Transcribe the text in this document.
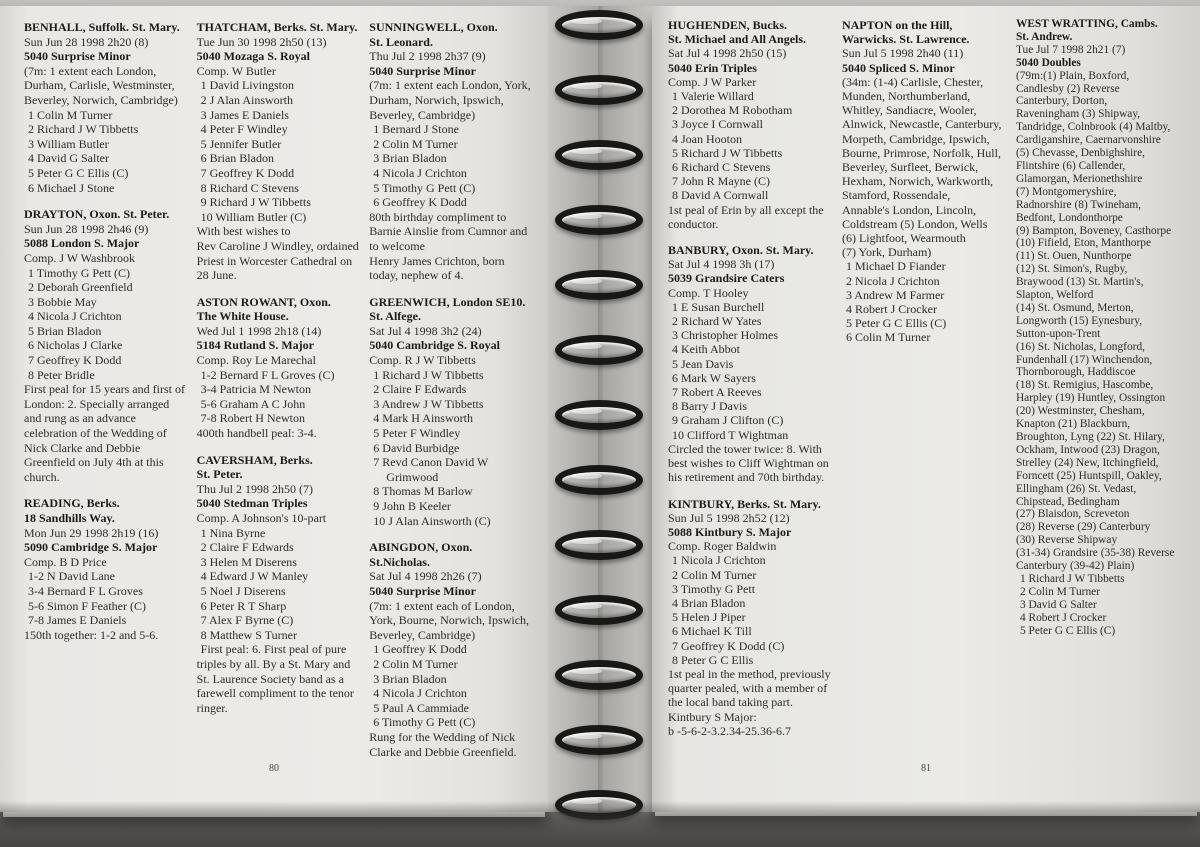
BENHALL, Suffolk. St. Mary.
Sun Jun 28 1998 2h20 (8)
5040 Surprise Minor
(7m: 1 extent each London,
Durham, Carlisle, Westminster,
Beverley, Norwich, Cambridge)
1 Colin M Turner
2 Richard J W Tibbetts
3 William Butler
4 David G Salter
5 Peter G C Ellis (C)
6 Michael J Stone
DRAYTON, Oxon. St. Peter.
Sun Jun 28 1998 2h46 (9)
5088 London S. Major
Comp. J W Washbrook
1 Timothy G Pett (C)
2 Deborah Greenfield
3 Bobbie May
4 Nicola J Crichton
5 Brian Bladon
6 Nicholas J Clarke
7 Geoffrey K Dodd
8 Peter Bridle
First peal for 15 years and first of
London: 2. Specially arranged
and rung as an advance
celebration of the Wedding of
Nick Clarke and Debbie
Greenfield on July 4th at this
church.
READING, Berks.
18 Sandhills Way.
Mon Jun 29 1998 2h19 (16)
5090 Cambridge S. Major
Comp. B D Price
1-2 N David Lane
3-4 Bernard F L Groves
5-6 Simon F Feather (C)
7-8 James E Daniels
150th together: 1-2 and 5-6.
THATCHAM, Berks. St. Mary.
Tue Jun 30 1998 2h50 (13)
5040 Mozaga S. Royal
Comp. W Butler
1 David Livingston
2 J Alan Ainsworth
3 James E Daniels
4 Peter F Windley
5 Jennifer Butler
6 Brian Bladon
7 Geoffrey K Dodd
8 Richard C Stevens
9 Richard J W Tibbetts
10 William Butler (C)
With best wishes to
Rev Caroline J Windley, ordained
Priest in Worcester Cathedral on
28 June.
ASTON ROWANT, Oxon.
The White House.
Wed Jul 1 1998 2h18 (14)
5184 Rutland S. Major
Comp. Roy Le Marechal
1-2 Bernard F L Groves (C)
3-4 Patricia M Newton
5-6 Graham A C John
7-8 Robert H Newton
400th handbell peal: 3-4.
CAVERSHAM, Berks.
St. Peter.
Thu Jul 2 1998 2h50 (7)
5040 Stedman Triples
Comp. A Johnson's 10-part
1 Nina Byrne
2 Claire F Edwards
3 Helen M Diserens
4 Edward J W Manley
5 Noel J Diserens
6 Peter R T Sharp
7 Alex F Byrne (C)
8 Matthew S Turner
First peal: 6. First peal of pure
triples by all. By a St. Mary and
St. Laurence Society band as a
farewell compliment to the tenor
ringer.
SUNNINGWELL, Oxon.
St. Leonard.
Thu Jul 2 1998 2h37 (9)
5040 Surprise Minor
(7m: 1 extent each London, York,
Durham, Norwich, Ipswich,
Beverley, Cambridge)
1 Bernard J Stone
2 Colin M Turner
3 Brian Bladon
4 Nicola J Crichton
5 Timothy G Pett (C)
6 Geoffrey K Dodd
80th birthday compliment to
Barnie Ainslie from Cumnor and
to welcome
Henry James Crichton, born
today, nephew of 4.
GREENWICH, London SE10.
St. Alfege.
Sat Jul 4 1998 3h2 (24)
5040 Cambridge S. Royal
Comp. R J W Tibbetts
1 Richard J W Tibbetts
2 Claire F Edwards
3 Andrew J W Tibbetts
4 Mark H Ainsworth
5 Peter F Windley
6 David Burbidge
7 Revd Canon David W
Grimwood
8 Thomas M Barlow
9 John B Keeler
10 J Alan Ainsworth (C)
ABINGDON, Oxon. St.Nicholas.
Sat Jul 4 1998 2h26 (7)
5040 Surprise Minor
(7m: 1 extent each of London,
York, Bourne, Norwich, Ipswich,
Beverley, Cambridge)
1 Geoffrey K Dodd
2 Colin M Turner
3 Brian Bladon
4 Nicola J Crichton
5 Paul A Cammiade
6 Timothy G Pett (C)
Rung for the Wedding of Nick
Clarke and Debbie Greenfield.
80
HUGHENDEN, Bucks.
St. Michael and All Angels.
Sat Jul 4 1998 2h50 (15)
5040 Erin Triples
Comp. J W Parker
1 Valerie Willard
2 Dorothea M Robotham
3 Joyce I Cornwall
4 Joan Hooton
5 Richard J W Tibbetts
6 Richard C Stevens
7 John R Mayne (C)
8 David A Cornwall
1st peal of Erin by all except the
conductor.
BANBURY, Oxon. St. Mary.
Sat Jul 4 1998 3h (17)
5039 Grandsire Caters
Comp. T Hooley
1 E Susan Burchell
2 Richard W Yates
3 Christopher Holmes
4 Keith Abbot
5 Jean Davis
6 Mark W Sayers
7 Robert A Reeves
8 Barry J Davis
9 Graham J Clifton (C)
10 Clifford T Wightman
Circled the tower twice: 8. With
best wishes to Cliff Wightman on
his retirement and 70th birthday.
KINTBURY, Berks. St. Mary.
Sun Jul 5 1998 2h52 (12)
5088 Kintbury S. Major
Comp. Roger Baldwin
1 Nicola J Crichton
2 Colin M Turner
3 Timothy G Pett
4 Brian Bladon
5 Helen J Piper
6 Michael K Till
7 Geoffrey K Dodd (C)
8 Peter G C Ellis
1st peal in the method, previously
quarter pealed, with a member of
the local band taking part.
Kintbury S Major:
b -5-6-2-3.2.34-25.36-6.7
NAPTON on the Hill,
Warwicks. St. Lawrence.
Sun Jul 5 1998 2h40 (11)
5040 Spliced S. Minor
(34m: (1-4) Carlisle, Chester,
Munden, Northumberland,
Whitley, Sandiacre, Wooler,
Alnwick, Newcastle, Canterbury,
Morpeth, Cambridge, Ipswich,
Bourne, Primrose, Norfolk, Hull,
Beverley, Surfleet, Berwick,
Hexham, Norwich, Warkworth,
Stamford, Rossendale,
Annable's London, Lincoln,
Coldstream (5) London, Wells
(6) Lightfoot, Wearmouth
(7) York, Durham)
1 Michael D Fiander
2 Nicola J Crichton
3 Andrew M Farmer
4 Robert J Crocker
5 Peter G C Ellis (C)
6 Colin M Turner
WEST WRATTING, Cambs.
St. Andrew.
Tue Jul 7 1998 2h21 (7)
5040 Doubles
(79m:(1) Plain, Boxford,
Candlesby (2) Reverse
Canterbury, Dorton,
Raveningham (3) Shipway,
Tandridge, Colnbrook (4) Maltby,
Cardiganshire, Caernarvonshire
(5) Chevasse, Denbighshire,
Flintshire (6) Callender,
Glamorgan, Merionethshire
(7) Montgomeryshire,
Radnorshire (8) Twineham,
Bedfont, Londonthorpe
(9) Bampton, Boveney, Casthorpe
(10) Fifield, Eton, Manthorpe
(11) St. Ouen, Nunthorpe
(12) St. Simon's, Rugby,
Braywood (13) St. Martin's,
Slapton, Welford
(14) St. Osmund, Merton,
Longworth (15) Eynesbury,
Sutton-upon-Trent
(16) St. Nicholas, Longford,
Fundenhall (17) Winchendon,
Thornborough, Haddiscoe
(18) St. Remigius, Hascombe,
Harpley (19) Huntley, Ossington
(20) Westminster, Chesham,
Knapton (21) Blackburn,
Broughton, Lyng (22) St. Hilary,
Ockham, Intwood (23) Dragon,
Strelley (24) New, Itchingfield,
Forncett (25) Huntspill, Oakley,
Ellingham (26) St. Vedast,
Chipstead, Bedingham
(27) Blaisdon, Screveton
(28) Reverse (29) Canterbury
(30) Reverse Shipway
(31-34) Grandsire (35-38) Reverse
Canterbury (39-42) Plain)
1 Richard J W Tibbetts
2 Colin M Turner
3 David G Salter
4 Robert J Crocker
5 Peter G C Ellis (C)
81
